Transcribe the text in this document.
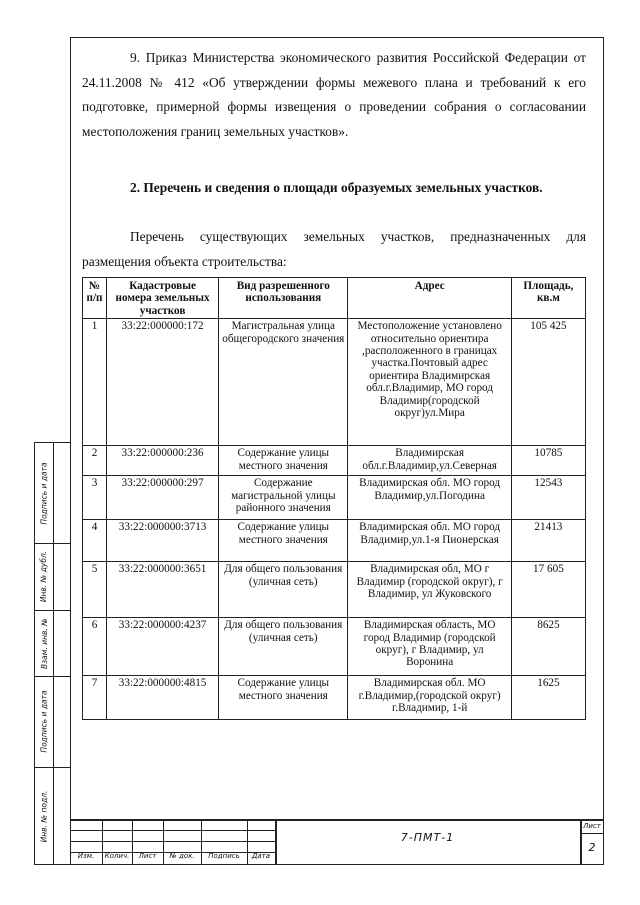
Подпись и дата
Инв. № дубл.
Взам. инв. №
Подпись и дата
Инв. № подл.
9. Приказ Министерства экономического развития Российской Федерации от 24.11.2008 № 412 «Об утверждении формы межевого плана и требований к его подготовке, примерной формы извещения о проведении собрания о согласовании местоположения границ земельных участков».
2. Перечень и сведения о площади образуемых земельных участков.
Перечень существующих земельных участков, предназначенных для размещения объекта строительства:
№ п/п	Кадастровые номера земельных участков	Вид разрешенного использования	Адрес	Площадь, кв.м
1	33:22:000000:172	Магистральная улица общегородского значения	Местоположение установлено относительно ориентира ,расположенного в границах участка.Почтовый адрес ориентира Владимирская обл.г.Владимир, МО город Владимир(городской округ)ул.Мира	105 425
2	33:22:000000:236	Содержание улицы местного значения	Владимирская обл.г.Владимир,ул.Северная	10785
3	33:22:000000:297	Содержание магистральной улицы районного значения	Владимирская обл. МО город Владимир,ул.Погодина	12543
4	33:22:000000:3713	Содержание улицы местного значения	Владимирская обл. МО город Владимир,ул.1-я Пионерская	21413
5	33:22:000000:3651	Для общего пользования (уличная сеть)	Владимирская обл, МО г Владимир (городской округ), г Владимир, ул Жуковского	17 605
6	33:22:000000:4237	Для общего пользования (уличная сеть)	Владимирская область, МО город Владимир (городской округ), г Владимир, ул Воронина	8625
7	33:22:000000:4815	Содержание улицы местного значения	Владимирская обл. МО г.Владимир,(городской округ) г.Владимир, 1-й	1625
Изм.	Колич.	Лист	№ док.	Подпись	Дата
7-ПМТ-1
Лист
2
